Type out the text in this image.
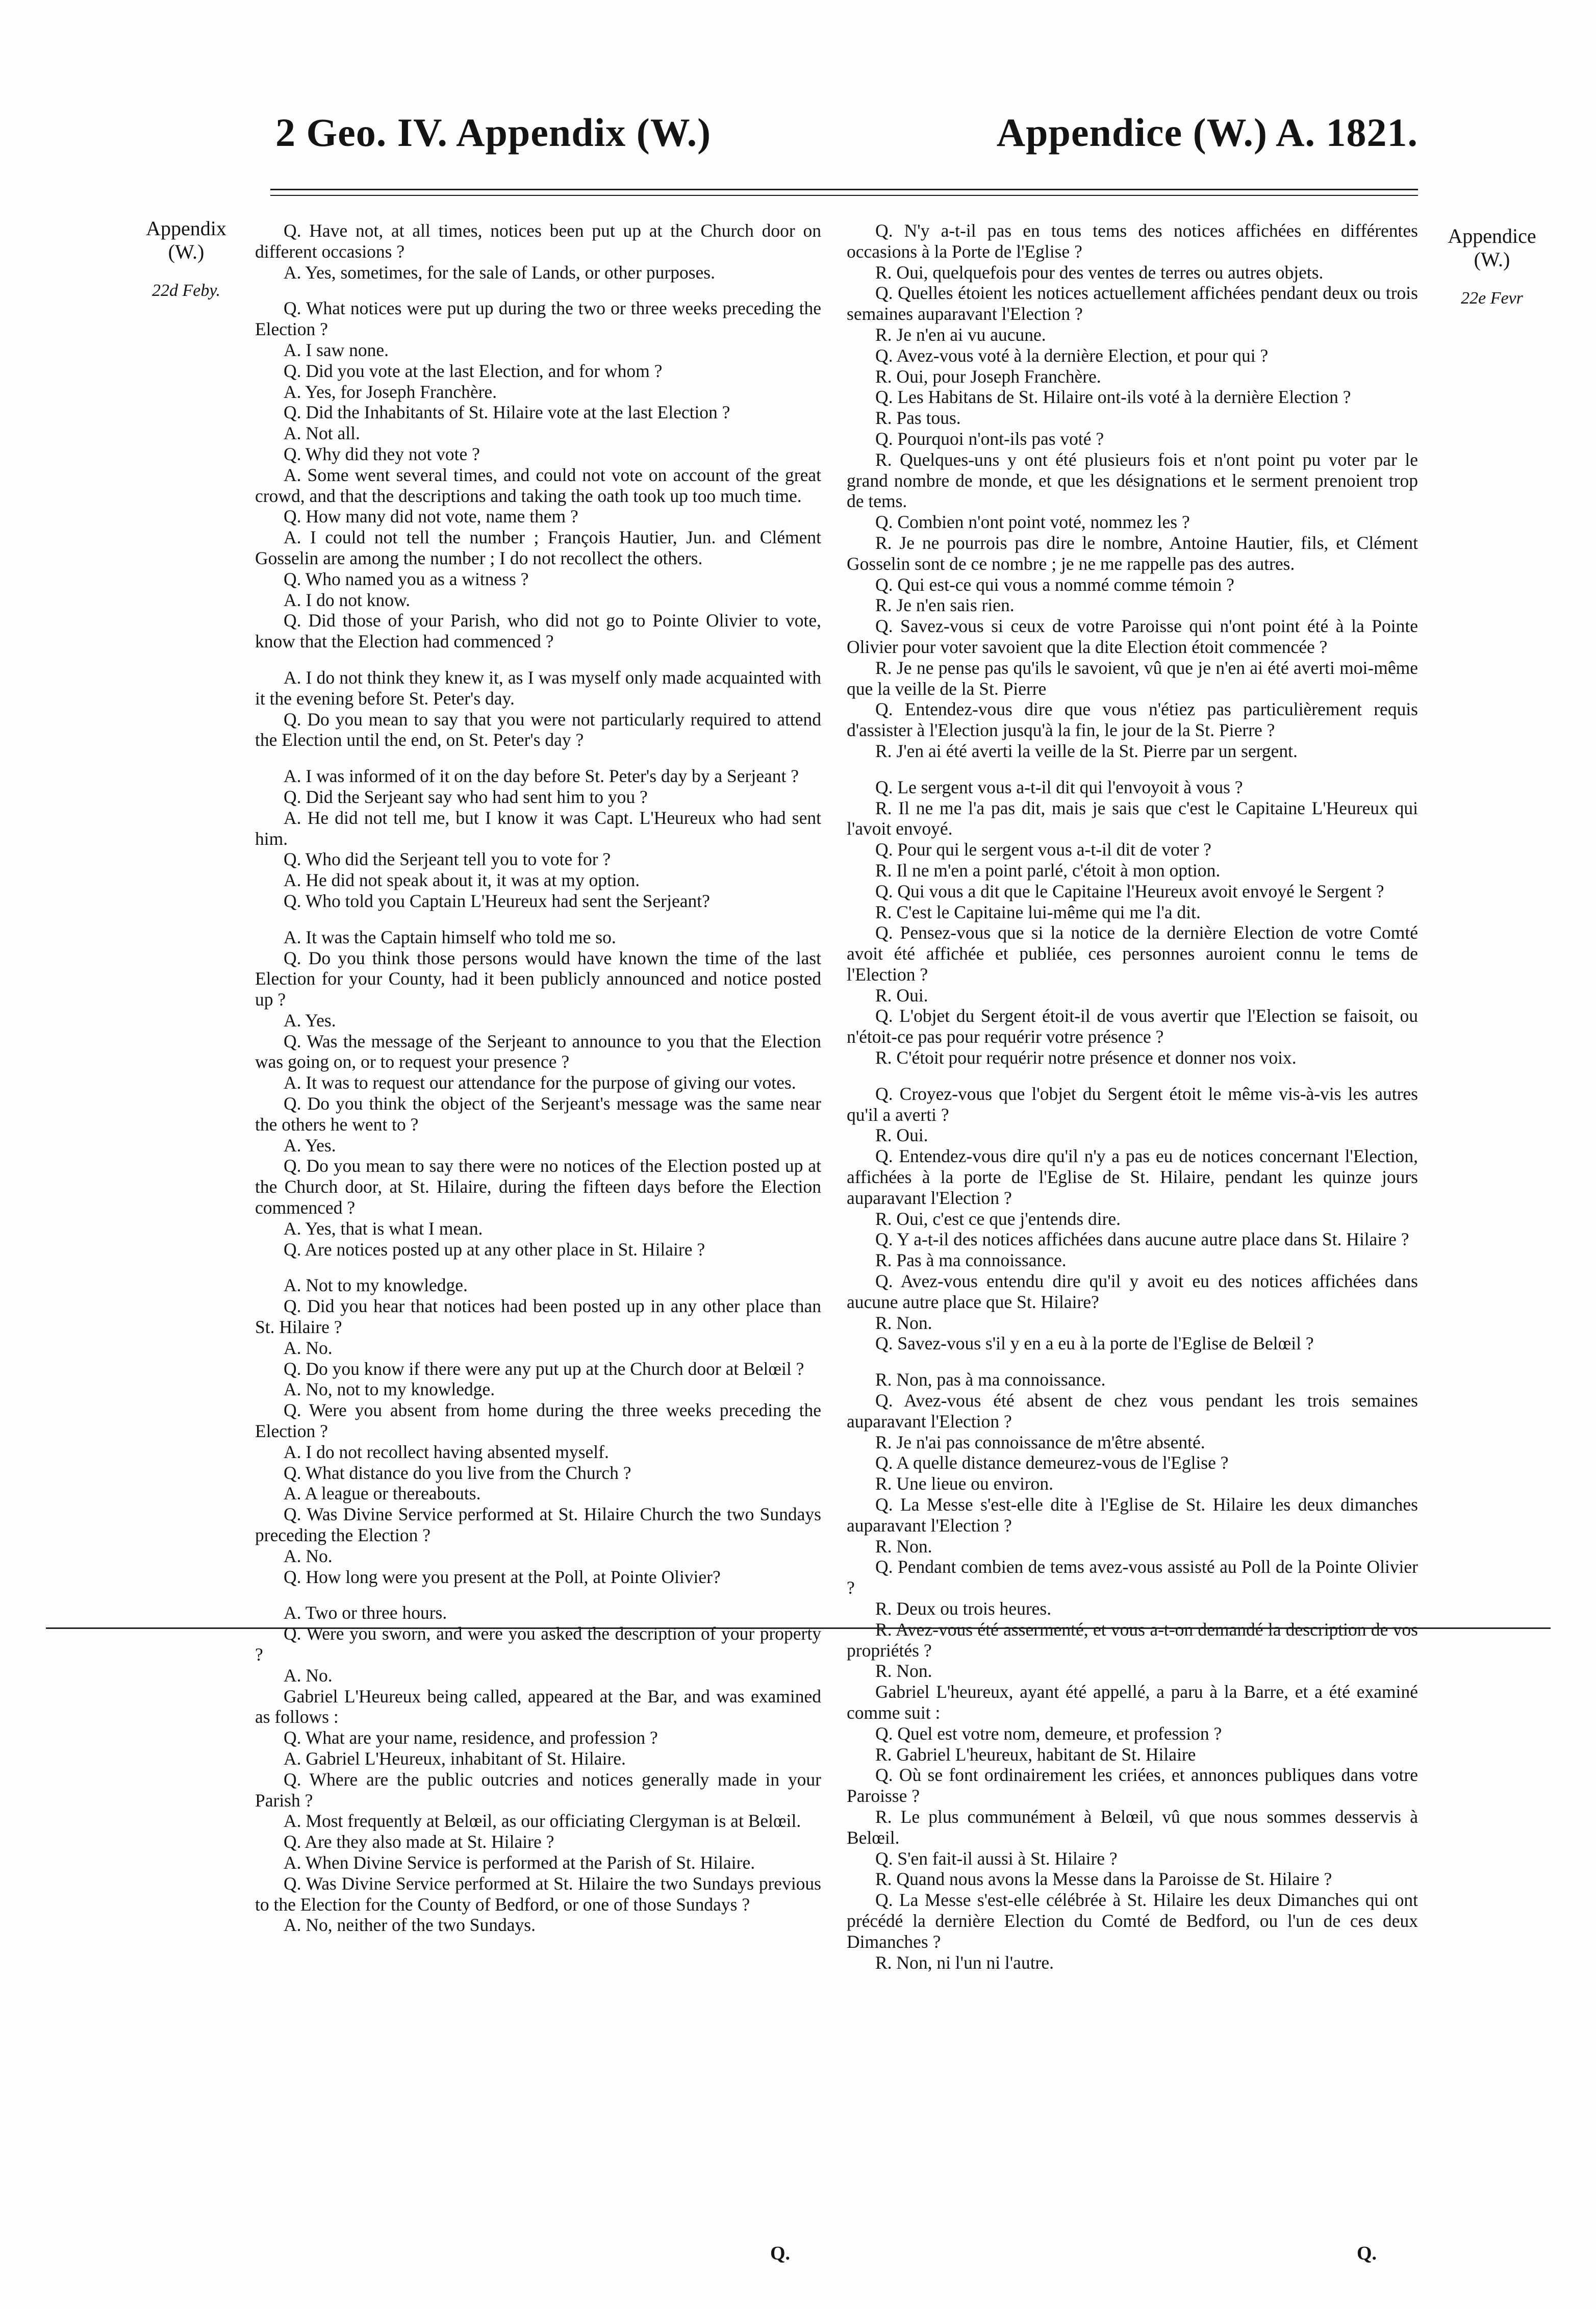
2 Geo. IV. Appendix (W.)	Appendice (W.) A. 1821.
Appendix
(W.)
22d Feby.
Appendice
(W.)
22e Fevr

Q. Have not, at all times, notices been put up at the Church door on different occasions ?

A. Yes, sometimes, for the sale of Lands, or other purposes.

Q. What notices were put up during the two or three weeks preceding the Election ?

A. I saw none.

Q. Did you vote at the last Election, and for whom ?

A. Yes, for Joseph Franchère.

Q. Did the Inhabitants of St. Hilaire vote at the last Election ?

A. Not all.

Q. Why did they not vote ?

A. Some went several times, and could not vote on account of the great crowd, and that the descriptions and taking the oath took up too much time.

Q. How many did not vote, name them ?

A. I could not tell the number ; François Hautier, Jun. and Clément Gosselin are among the number ; I do not recollect the others.

Q. Who named you as a witness ?

A. I do not know.

Q. Did those of your Parish, who did not go to Pointe Olivier to vote, know that the Election had commenced ?

A. I do not think they knew it, as I was myself only made acquainted with it the evening before St. Peter's day.

Q. Do you mean to say that you were not particularly required to attend the Election until the end, on St. Peter's day ?

A. I was informed of it on the day before St. Peter's day by a Serjeant ?

Q. Did the Serjeant say who had sent him to you ?

A. He did not tell me, but I know it was Capt. L'Heureux who had sent him.

Q. Who did the Serjeant tell you to vote for ?

A. He did not speak about it, it was at my option.

Q. Who told you Captain L'Heureux had sent the Serjeant?

A. It was the Captain himself who told me so.

Q. Do you think those persons would have known the time of the last Election for your County, had it been publicly announced and notice posted up ?

A. Yes.

Q. Was the message of the Serjeant to announce to you that the Election was going on, or to request your presence ?

A. It was to request our attendance for the purpose of giving our votes.

Q. Do you think the object of the Serjeant's message was the same near the others he went to ?

A. Yes.

Q. Do you mean to say there were no notices of the Election posted up at the Church door, at St. Hilaire, during the fifteen days before the Election commenced ?

A. Yes, that is what I mean.

Q. Are notices posted up at any other place in St. Hilaire ?

A. Not to my knowledge.

Q. Did you hear that notices had been posted up in any other place than St. Hilaire ?

A. No.

Q. Do you know if there were any put up at the Church door at Belœil ?

A. No, not to my knowledge.

Q. Were you absent from home during the three weeks preceding the Election ?

A. I do not recollect having absented myself.

Q. What distance do you live from the Church ?

A. A league or thereabouts.

Q. Was Divine Service performed at St. Hilaire Church the two Sundays preceding the Election ?

A. No.

Q. How long were you present at the Poll, at Pointe Olivier?

A. Two or three hours.

Q. Were you sworn, and were you asked the description of your property ?

A. No.

Gabriel L'Heureux being called, appeared at the Bar, and was examined as follows :

Q. What are your name, residence, and profession ?

A. Gabriel L'Heureux, inhabitant of St. Hilaire.

Q. Where are the public outcries and notices generally made in your Parish ?

A. Most frequently at Belœil, as our officiating Clergyman is at Belœil.

Q. Are they also made at St. Hilaire ?

A. When Divine Service is performed at the Parish of St. Hilaire.

Q. Was Divine Service performed at St. Hilaire the two Sundays previous to the Election for the County of Bedford, or one of those Sundays ?

A. No, neither of the two Sundays.

Q. N'y a-t-il pas en tous tems des notices affichées en différentes occasions à la Porte de l'Eglise ?

R. Oui, quelquefois pour des ventes de terres ou autres objets.

Q. Quelles étoient les notices actuellement affichées pendant deux ou trois semaines auparavant l'Election ?

R. Je n'en ai vu aucune.

Q. Avez-vous voté à la dernière Election, et pour qui ?

R. Oui, pour Joseph Franchère.

Q. Les Habitans de St. Hilaire ont-ils voté à la dernière Election ?

R. Pas tous.

Q. Pourquoi n'ont-ils pas voté ?

R. Quelques-uns y ont été plusieurs fois et n'ont point pu voter par le grand nombre de monde, et que les désignations et le serment prenoient trop de tems.

Q. Combien n'ont point voté, nommez les ?

R. Je ne pourrois pas dire le nombre, Antoine Hautier, fils, et Clément Gosselin sont de ce nombre ; je ne me rappelle pas des autres.

Q. Qui est-ce qui vous a nommé comme témoin ?

R. Je n'en sais rien.

Q. Savez-vous si ceux de votre Paroisse qui n'ont point été à la Pointe Olivier pour voter savoient que la dite Election étoit commencée ?

R. Je ne pense pas qu'ils le savoient, vû que je n'en ai été averti moi-même que la veille de la St. Pierre

Q. Entendez-vous dire que vous n'étiez pas particulièrement requis d'assister à l'Election jusqu'à la fin, le jour de la St. Pierre ?

R. J'en ai été averti la veille de la St. Pierre par un sergent.

Q. Le sergent vous a-t-il dit qui l'envoyoit à vous ?

R. Il ne me l'a pas dit, mais je sais que c'est le Capitaine L'Heureux qui l'avoit envoyé.

Q. Pour qui le sergent vous a-t-il dit de voter ?

R. Il ne m'en a point parlé, c'étoit à mon option.

Q. Qui vous a dit que le Capitaine l'Heureux avoit envoyé le Sergent ?

R. C'est le Capitaine lui-même qui me l'a dit.

Q. Pensez-vous que si la notice de la dernière Election de votre Comté avoit été affichée et publiée, ces personnes auroient connu le tems de l'Election ?

R. Oui.

Q. L'objet du Sergent étoit-il de vous avertir que l'Election se faisoit, ou n'étoit-ce pas pour requérir votre présence ?

R. C'étoit pour requérir notre présence et donner nos voix.

Q. Croyez-vous que l'objet du Sergent étoit le même vis-à-vis les autres qu'il a averti ?

R. Oui.

Q. Entendez-vous dire qu'il n'y a pas eu de notices concernant l'Election, affichées à la porte de l'Eglise de St. Hilaire, pendant les quinze jours auparavant l'Election ?

R. Oui, c'est ce que j'entends dire.

Q. Y a-t-il des notices affichées dans aucune autre place dans St. Hilaire ?

R. Pas à ma connoissance.

Q. Avez-vous entendu dire qu'il y avoit eu des notices affichées dans aucune autre place que St. Hilaire?

R. Non.

Q. Savez-vous s'il y en a eu à la porte de l'Eglise de Belœil ?

R. Non, pas à ma connoissance.

Q. Avez-vous été absent de chez vous pendant les trois semaines auparavant l'Election ?

R. Je n'ai pas connoissance de m'être absenté.

Q. A quelle distance demeurez-vous de l'Eglise ?

R. Une lieue ou environ.

Q. La Messe s'est-elle dite à l'Eglise de St. Hilaire les deux dimanches auparavant l'Election ?

R. Non.

Q. Pendant combien de tems avez-vous assisté au Poll de la Pointe Olivier ?

R. Deux ou trois heures.

R. Avez-vous été assermenté, et vous a-t-on demandé la description de vos propriétés ?

R. Non.

Gabriel L'heureux, ayant été appellé, a paru à la Barre, et a été examiné comme suit :

Q. Quel est votre nom, demeure, et profession ?

R. Gabriel L'heureux, habitant de St. Hilaire

Q. Où se font ordinairement les criées, et annonces publiques dans votre Paroisse ?

R. Le plus communément à Belœil, vû que nous sommes desservis à Belœil.

Q. S'en fait-il aussi à St. Hilaire ?

R. Quand nous avons la Messe dans la Paroisse de St. Hilaire ?

Q. La Messe s'est-elle célébrée à St. Hilaire les deux Dimanches qui ont précédé la dernière Election du Comté de Bedford, ou l'un de ces deux Dimanches ?

R. Non, ni l'un ni l'autre.

Q.	Q.
